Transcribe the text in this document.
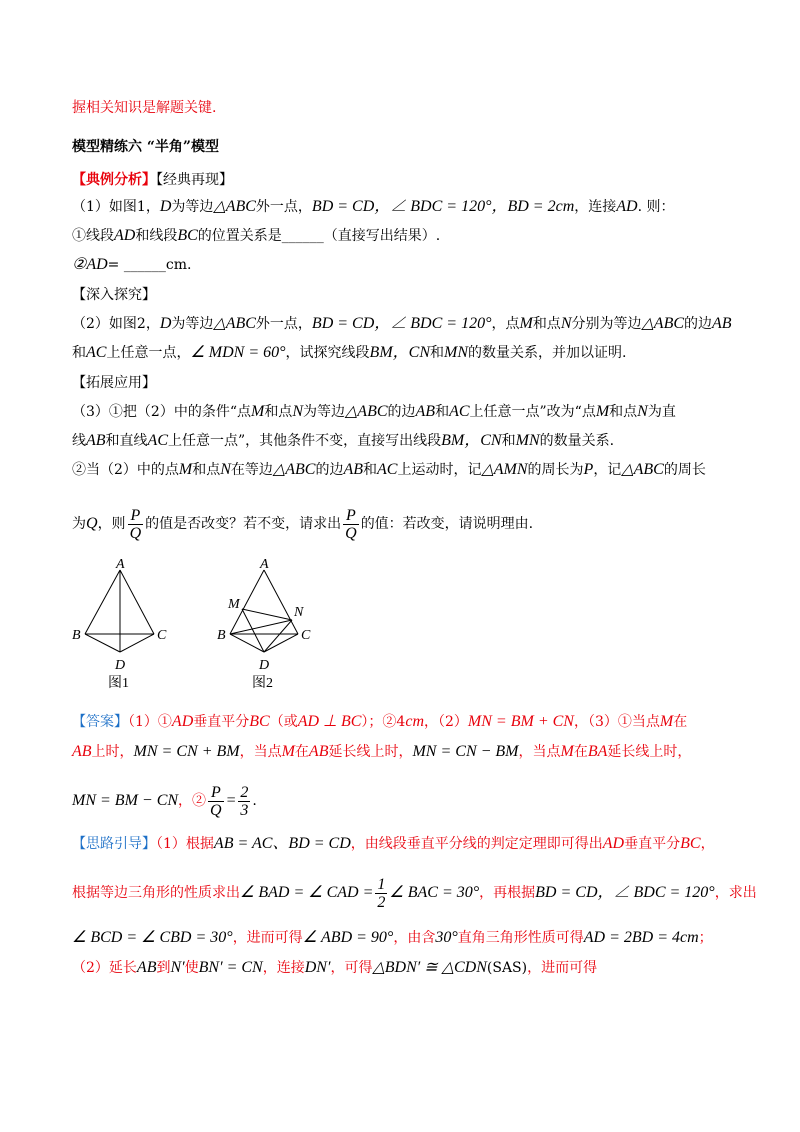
握相关知识是解题关键.
模型精练六 “半角”模型
【典例分析】【经典再现】
（1）如图1，D为等边△ABC外一点，BD = CD，∠ BDC = 120°，BD = 2cm，连接AD. 则：
①线段AD和线段BC的位置关系是______（直接写出结果）.
②AD= ______cm.
【深入探究】
（2）如图2，D为等边△ABC外一点，BD = CD，∠ BDC = 120°，点M和点N分别为等边△ABC的边AB
和AC上任意一点，∠ MDN = 60°，试探究线段BM，CN和MN的数量关系，并加以证明.
【拓展应用】
（3）①把（2）中的条件“点M和点N为等边△ABC的边AB和AC上任意一点”改为“点M和点N为直
线AB和直线AC上任意一点”，其他条件不变，直接写出线段BM，CN和MN的数量关系.
②当（2）中的点M和点N在等边△ABC的边AB和AC上运动时，记△AMN的周长为P，记△ABC的周长
为Q，则 $\frac{P}{Q}$ 的值是否改变？若不变，请求出 $\frac{P}{Q}$ 的值：若改变，请说明理由.
A
B	C
D
图1
A
M
N
B	C
D
图2
【答案】（1）①AD垂直平分BC（或AD ⊥ BC）；②4cm，（2）MN = BM + CN，（3）①当点M在
AB上时，MN = CN + BM，当点M在AB延长线上时，MN = CN − BM，当点M在BA延长线上时，
MN = BM − CN，② $\frac{P}{Q} = \frac{2}{3}$ .
【思路引导】（1）根据AB = AC、BD = CD，由线段垂直平分线的判定定理即可得出AD垂直平分BC，
根据等边三角形的性质求出∠ BAD = ∠ CAD = $\frac{1}{2}$ ∠ BAC = 30°，再根据BD = CD，∠ BDC = 120°，求出
∠ BCD = ∠ CBD = 30°，进而可得∠ ABD = 90°，由含30°直角三角形性质可得AD = 2BD = 4cm；
（2）延长AB到N′使BN′ = CN，连接DN′，可得△BDN′ ≅ △CDN(SAS)，进而可得
